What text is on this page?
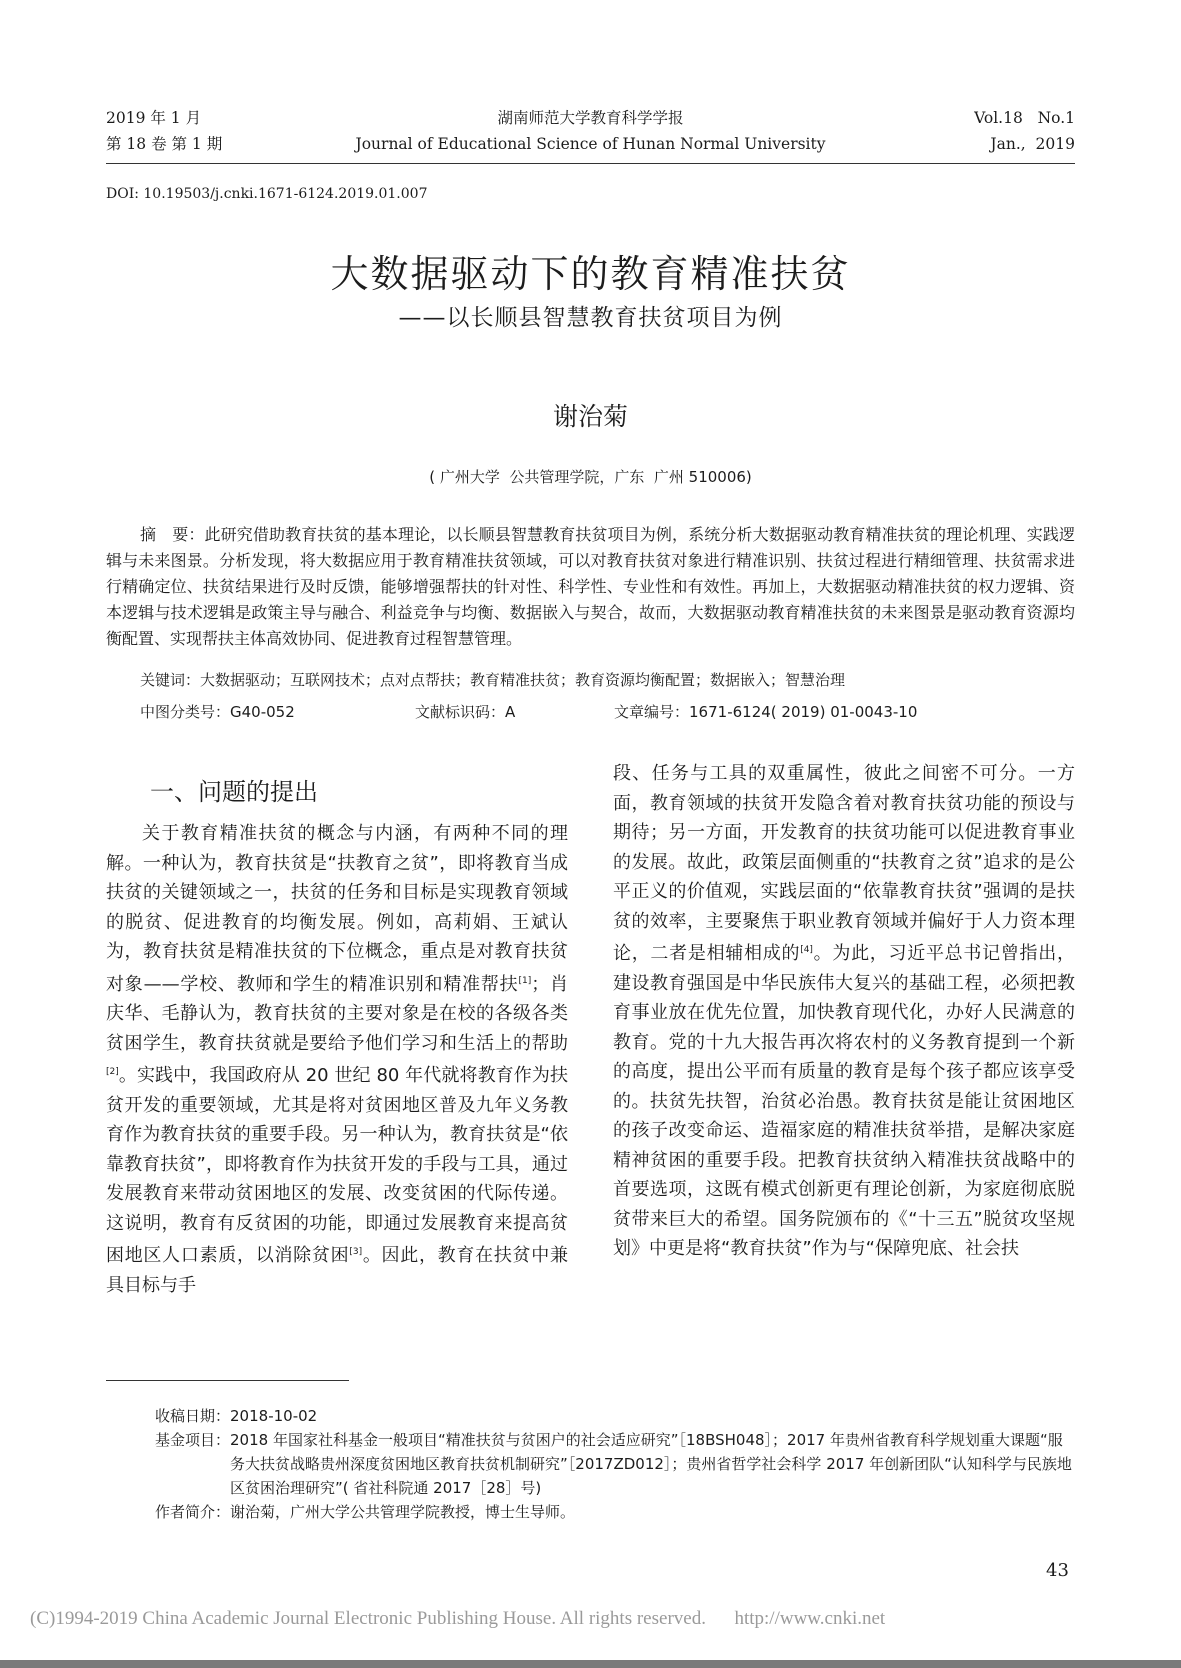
2019 年 1 月
第 18 卷 第 1 期
湖南师范大学教育科学学报
Journal of Educational Science of Hunan Normal University
Vol.18   No.1
Jan.,  2019
DOI: 10.19503/j.cnki.1671-6124.2019.01.007
大数据驱动下的教育精准扶贫
——以长顺县智慧教育扶贫项目为例
谢治菊
( 广州大学  公共管理学院，广东  广州 510006)
摘　要：此研究借助教育扶贫的基本理论，以长顺县智慧教育扶贫项目为例，系统分析大数据驱动教育精准扶贫的理论机理、实践逻辑与未来图景。分析发现，将大数据应用于教育精准扶贫领域，可以对教育扶贫对象进行精准识别、扶贫过程进行精细管理、扶贫需求进行精确定位、扶贫结果进行及时反馈，能够增强帮扶的针对性、科学性、专业性和有效性。再加上，大数据驱动精准扶贫的权力逻辑、资本逻辑与技术逻辑是政策主导与融合、利益竞争与均衡、数据嵌入与契合，故而，大数据驱动教育精准扶贫的未来图景是驱动教育资源均衡配置、实现帮扶主体高效协同、促进教育过程智慧管理。
关键词：大数据驱动；互联网技术；点对点帮扶；教育精准扶贫；教育资源均衡配置；数据嵌入；智慧治理
中图分类号：G40-052	文献标识码：A	文章编号：1671-6124( 2019) 01-0043-10
一、问题的提出

关于教育精准扶贫的概念与内涵，有两种不同的理解。一种认为，教育扶贫是“扶教育之贫”，即将教育当成扶贫的关键领域之一，扶贫的任务和目标是实现教育领域的脱贫、促进教育的均衡发展。例如，高莉娟、王斌认为，教育扶贫是精准扶贫的下位概念，重点是对教育扶贫对象——学校、教师和学生的精准识别和精准帮扶[1]；肖庆华、毛静认为，教育扶贫的主要对象是在校的各级各类贫困学生，教育扶贫就是要给予他们学习和生活上的帮助[2]。实践中，我国政府从 20 世纪 80 年代就将教育作为扶贫开发的重要领域，尤其是将对贫困地区普及九年义务教育作为教育扶贫的重要手段。另一种认为，教育扶贫是“依靠教育扶贫”，即将教育作为扶贫开发的手段与工具，通过发展教育来带动贫困地区的发展、改变贫困的代际传递。这说明，教育有反贫困的功能，即通过发展教育来提高贫困地区人口素质，以消除贫困[3]。因此，教育在扶贫中兼具目标与手

段、任务与工具的双重属性，彼此之间密不可分。一方面，教育领域的扶贫开发隐含着对教育扶贫功能的预设与期待；另一方面，开发教育的扶贫功能可以促进教育事业的发展。故此，政策层面侧重的“扶教育之贫”追求的是公平正义的价值观，实践层面的“依靠教育扶贫”强调的是扶贫的效率，主要聚焦于职业教育领域并偏好于人力资本理论，二者是相辅相成的[4]。为此，习近平总书记曾指出，建设教育强国是中华民族伟大复兴的基础工程，必须把教育事业放在优先位置，加快教育现代化，办好人民满意的教育。党的十九大报告再次将农村的义务教育提到一个新的高度，提出公平而有质量的教育是每个孩子都应该享受的。扶贫先扶智，治贫必治愚。教育扶贫是能让贫困地区的孩子改变命运、造福家庭的精准扶贫举措，是解决家庭精神贫困的重要手段。把教育扶贫纳入精准扶贫战略中的首要选项，这既有模式创新更有理论创新，为家庭彻底脱贫带来巨大的希望。国务院颁布的《“十三五”脱贫攻坚规划》中更是将“教育扶贫”作为与“保障兜底、社会扶

收稿日期： 2018-10-02
基金项目： 2018 年国家社科基金一般项目“精准扶贫与贫困户的社会适应研究”［18BSH048］；2017 年贵州省教育科学规划重大课题“服务大扶贫战略贵州深度贫困地区教育扶贫机制研究”［2017ZD012］；贵州省哲学社会科学 2017 年创新团队“认知科学与民族地区贫困治理研究”( 省社科院通 2017［28］号)
作者简介： 谢治菊，广州大学公共管理学院教授，博士生导师。
43
(C)1994-2019 China Academic Journal Electronic Publishing House. All rights reserved.      http://www.cnki.net
